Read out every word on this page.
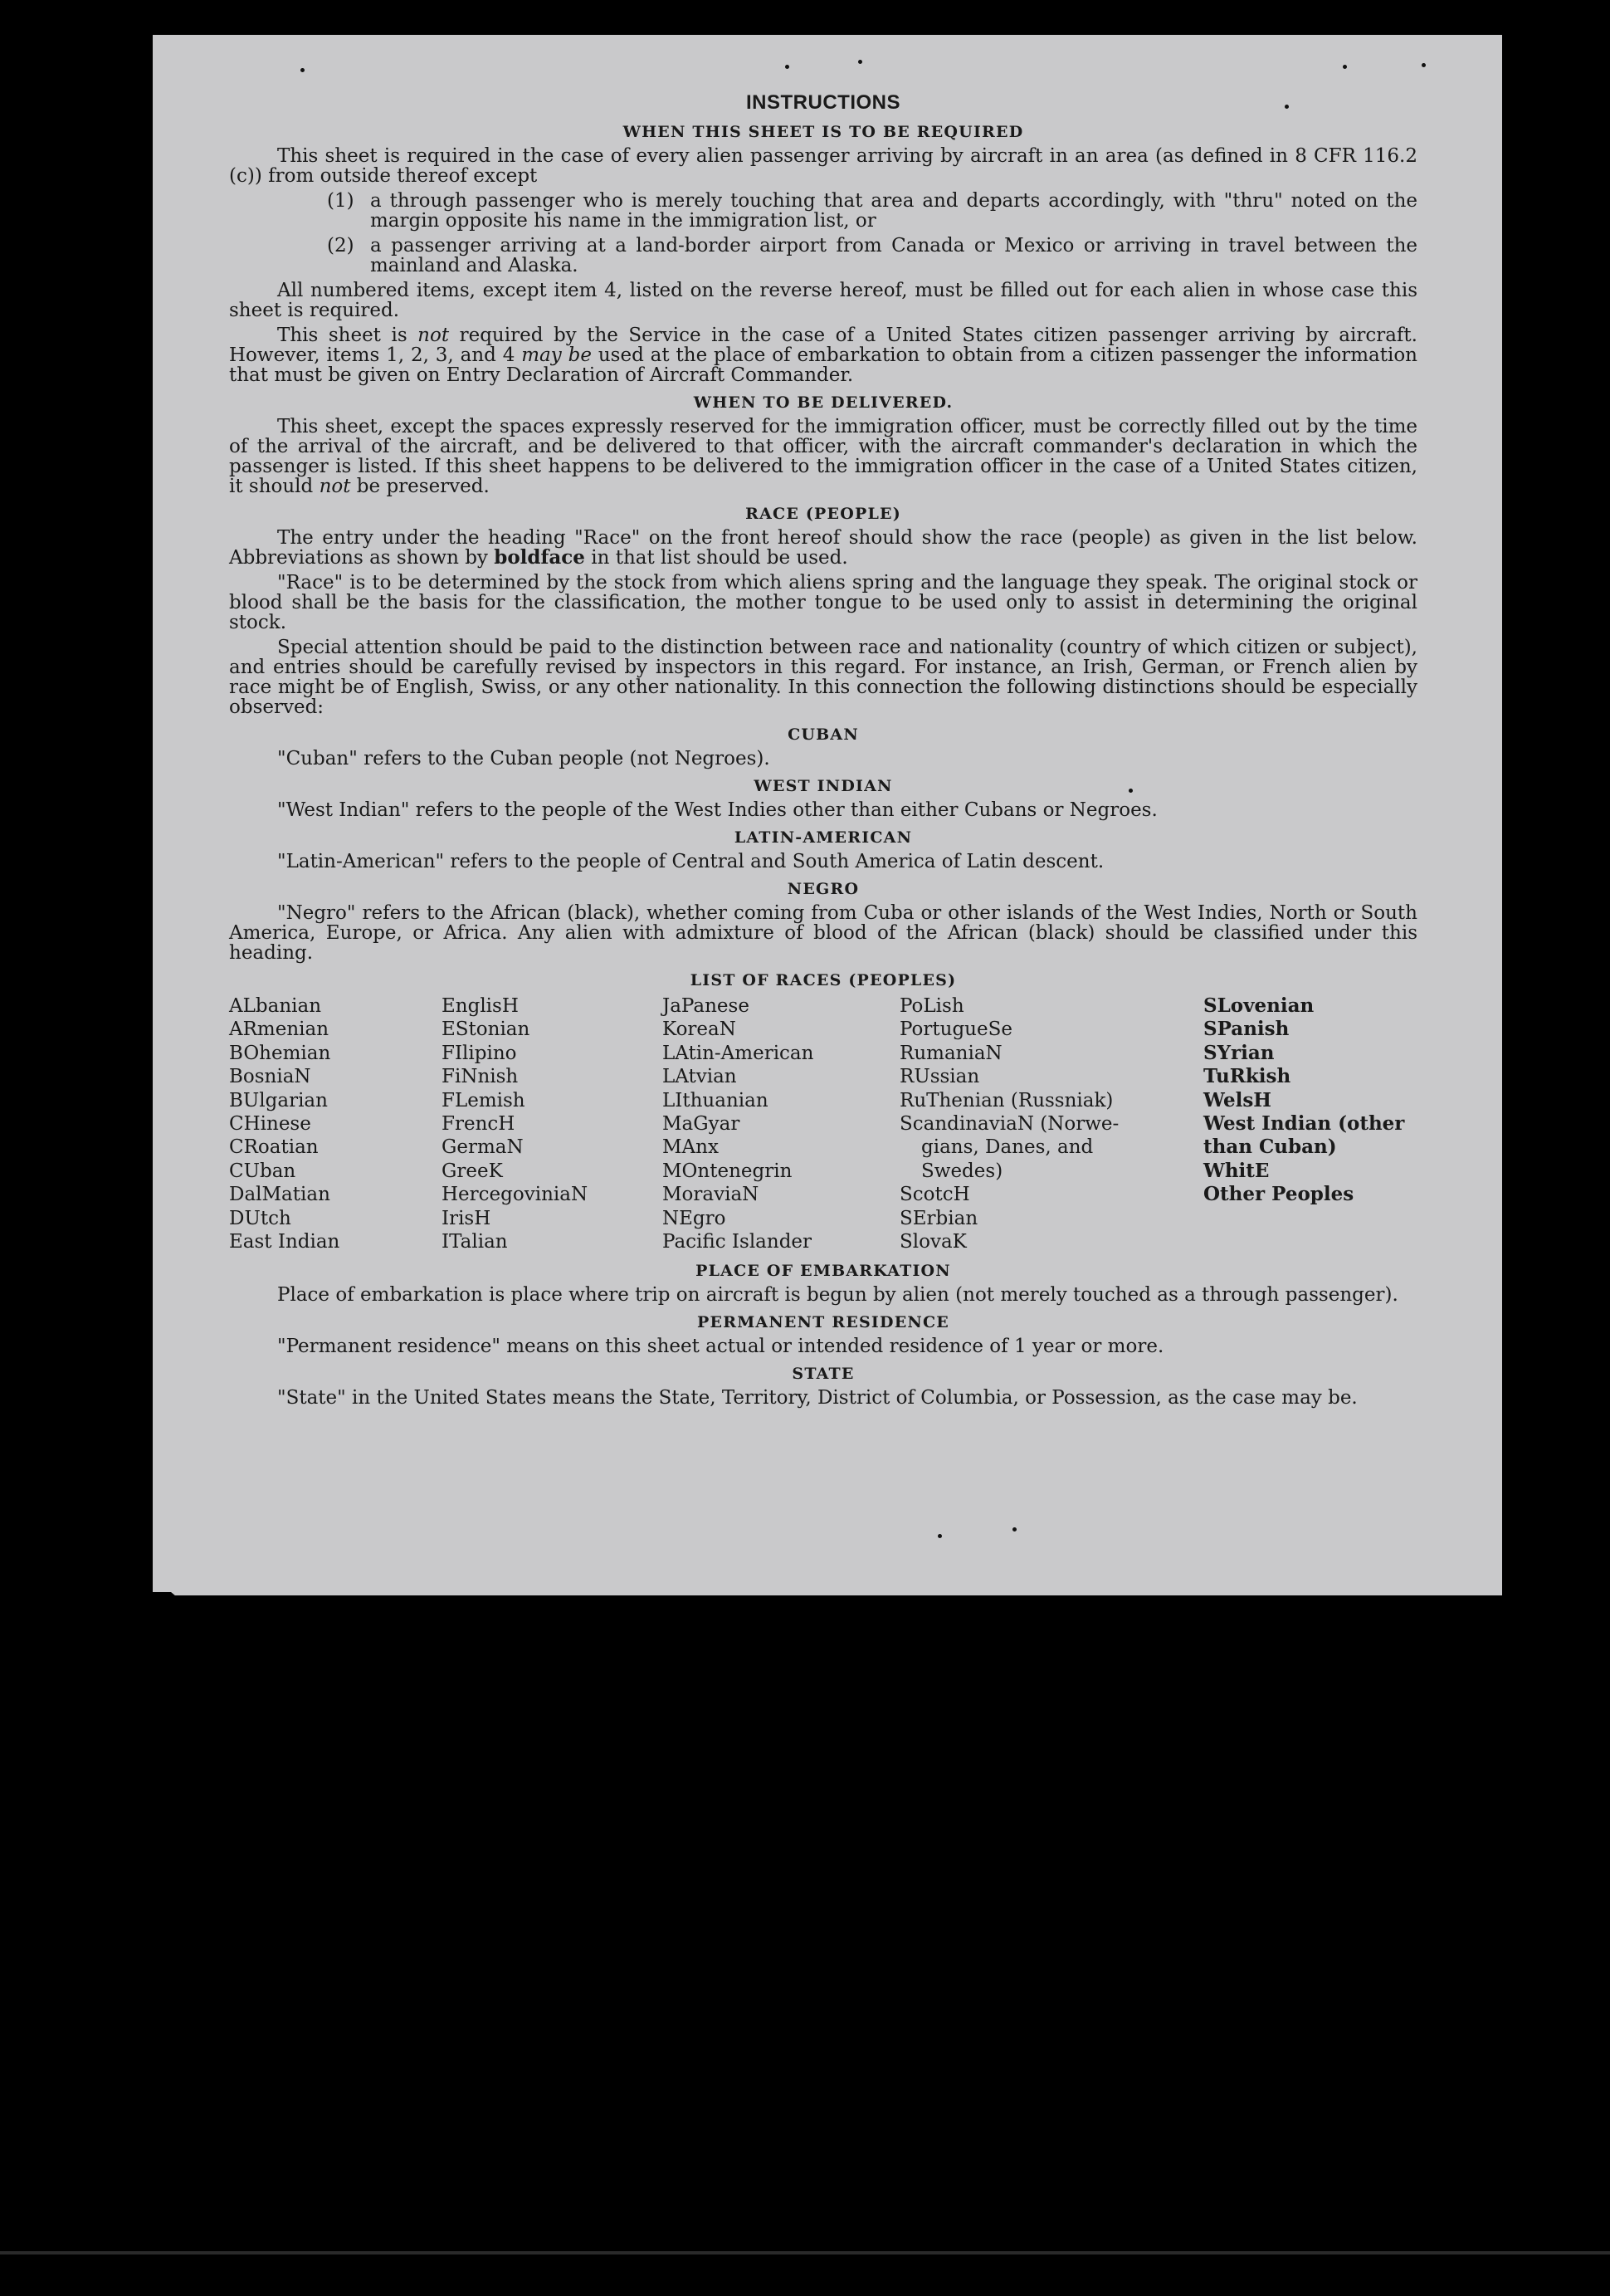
INSTRUCTIONS
WHEN THIS SHEET IS TO BE REQUIRED

This sheet is required in the case of every alien passenger arriving by aircraft in an area (as defined in 8 CFR 116.2 (c)) from outside thereof except

(1) a through passenger who is merely touching that area and departs accordingly, with "thru" noted on the margin opposite his name in the immigration list, or
(2) a passenger arriving at a land-border airport from Canada or Mexico or arriving in travel between the mainland and Alaska.

All numbered items, except item 4, listed on the reverse hereof, must be filled out for each alien in whose case this sheet is required.

This sheet is not required by the Service in the case of a United States citizen passenger arriving by aircraft. However, items 1, 2, 3, and 4 may be used at the place of embarkation to obtain from a citizen passenger the information that must be given on Entry Declaration of Aircraft Commander.

WHEN TO BE DELIVERED.

This sheet, except the spaces expressly reserved for the immigration officer, must be correctly filled out by the time of the arrival of the aircraft, and be delivered to that officer, with the aircraft commander's declaration in which the passenger is listed. If this sheet happens to be delivered to the immigration officer in the case of a United States citizen, it should not be preserved.

RACE (PEOPLE)

The entry under the heading "Race" on the front hereof should show the race (people) as given in the list below. Abbreviations as shown by boldface in that list should be used.

"Race" is to be determined by the stock from which aliens spring and the language they speak. The original stock or blood shall be the basis for the classification, the mother tongue to be used only to assist in determining the original stock.

Special attention should be paid to the distinction between race and nationality (country of which citizen or subject), and entries should be carefully revised by inspectors in this regard. For instance, an Irish, German, or French alien by race might be of English, Swiss, or any other nationality. In this connection the following distinctions should be especially observed:

CUBAN

"Cuban" refers to the Cuban people (not Negroes).

WEST INDIAN

"West Indian" refers to the people of the West Indies other than either Cubans or Negroes.

LATIN-AMERICAN

"Latin-American" refers to the people of Central and South America of Latin descent.

NEGRO

"Negro" refers to the African (black), whether coming from Cuba or other islands of the West Indies, North or South America, Europe, or Africa. Any alien with admixture of blood of the African (black) should be classified under this heading.

LIST OF RACES (PEOPLES)
ALbanian
ARmenian
BOhemian
BosniaN
BUlgarian
CHinese
CRoatian
CUban
DalMatian
DUtch
East Indian
EnglisH
EStonian
FIlipino
FiNnish
FLemish
FrencH
GermaN
GreeK
HercegoviniaN
IrisH
ITalian
JaPanese
KoreaN
LAtin-American
LAtvian
LIthuanian
MaGyar
MAnx
MOntenegrin
MoraviaN
NEgro
Pacific Islander
PoLish
PortugueSe
RumaniaN
RUssian
RuThenian (Russniak)
ScandinaviaN (Norwe-
gians, Danes, and
Swedes)
ScotcH
SErbian
SlovaK
SLovenian
SPanish
SYrian
TuRkish
WelsH
West Indian (other
than Cuban)
WhitE
Other Peoples
PLACE OF EMBARKATION

Place of embarkation is place where trip on aircraft is begun by alien (not merely touched as a through passenger).

PERMANENT RESIDENCE

"Permanent residence" means on this sheet actual or intended residence of 1 year or more.

STATE

"State" in the United States means the State, Territory, District of Columbia, or Possession, as the case may be.
